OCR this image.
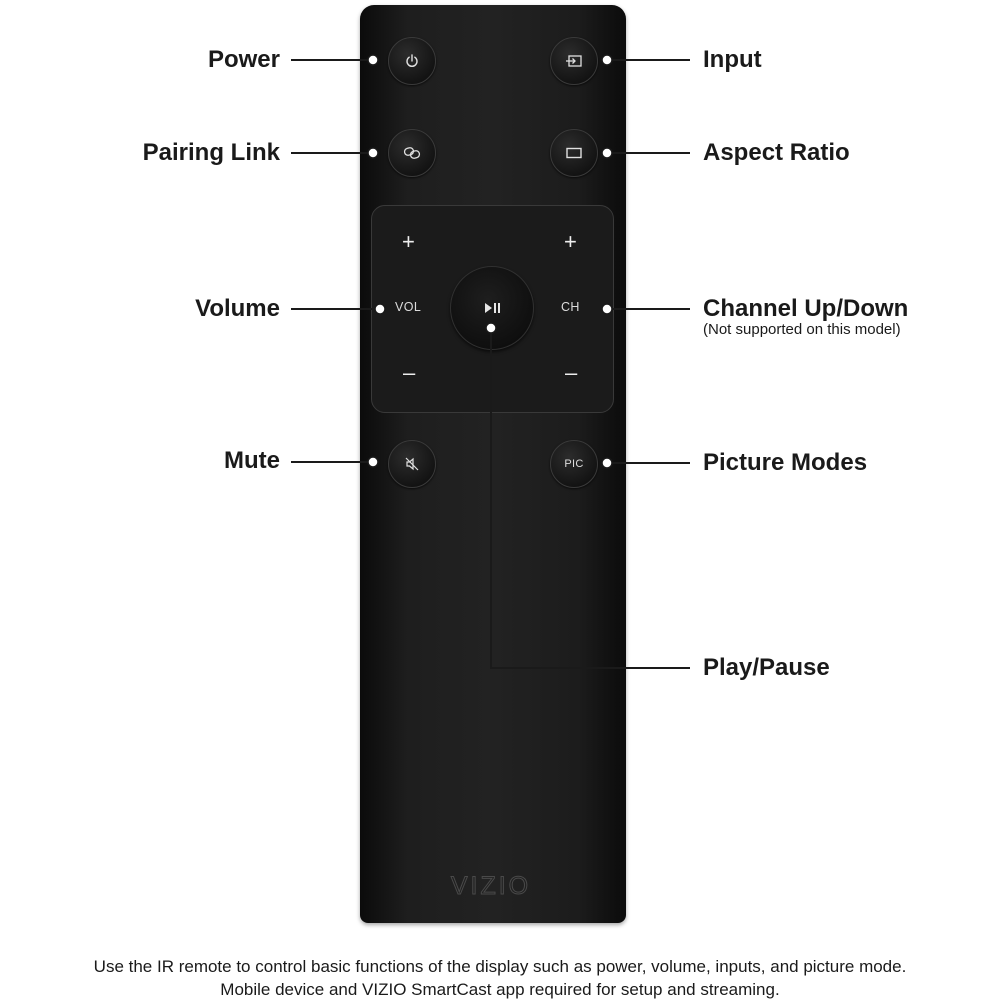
+	+
VOL	CH
–	–
PIC
VIZIO
Power
Pairing Link
Volume
Mute
Input
Aspect Ratio
Channel Up/Down
(Not supported on this model)
Picture Modes
Play/Pause
Use the IR remote to control basic functions of the display such as power, volume, inputs, and picture mode.
Mobile device and VIZIO SmartCast app required for setup and streaming.
